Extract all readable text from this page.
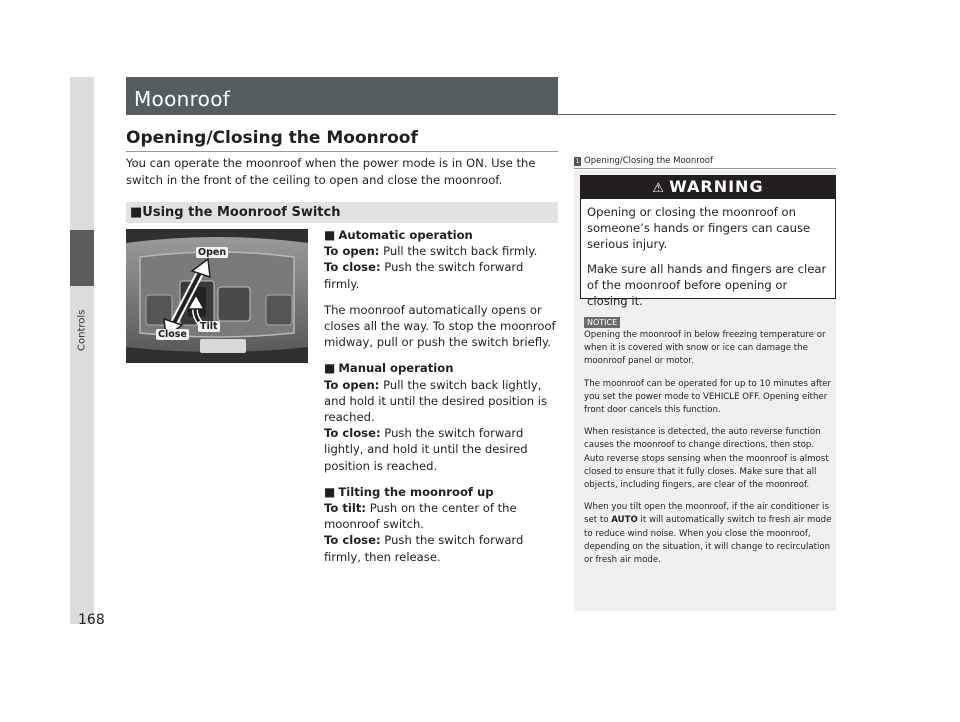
Controls
168
Moonroof
Opening/Closing the Moonroof
You can operate the moonroof when the power mode is in ON. Use the switch in the front of the ceiling to open and close the moonroof.
■Using the Moonroof Switch
Open
Tilt
Close
■ Automatic operation
To open: Pull the switch back firmly.
To close: Push the switch forward firmly.
The moonroof automatically opens or closes all the way. To stop the moonroof midway, pull or push the switch briefly.
■ Manual operation
To open: Pull the switch back lightly, and hold it until the desired position is reached.
To close: Push the switch forward lightly, and hold it until the desired position is reached.
■ Tilting the moonroof up
To tilt: Push on the center of the moonroof switch.
To close: Push the switch forward firmly, then release.
1 Opening/Closing the Moonroof
⚠ WARNING

Opening or closing the moonroof on someone’s hands or fingers can cause serious injury.

Make sure all hands and fingers are clear of the moonroof before opening or closing it.

NOTICE

Opening the moonroof in below freezing temperature or when it is covered with snow or ice can damage the moonroof panel or motor.

The moonroof can be operated for up to 10 minutes after you set the power mode to VEHICLE OFF. Opening either front door cancels this function.

When resistance is detected, the auto reverse function causes the moonroof to change directions, then stop. Auto reverse stops sensing when the moonroof is almost closed to ensure that it fully closes. Make sure that all objects, including fingers, are clear of the moonroof.

When you tilt open the moonroof, if the air conditioner is set to AUTO it will automatically switch to fresh air mode to reduce wind noise. When you close the moonroof, depending on the situation, it will change to recirculation or fresh air mode.
